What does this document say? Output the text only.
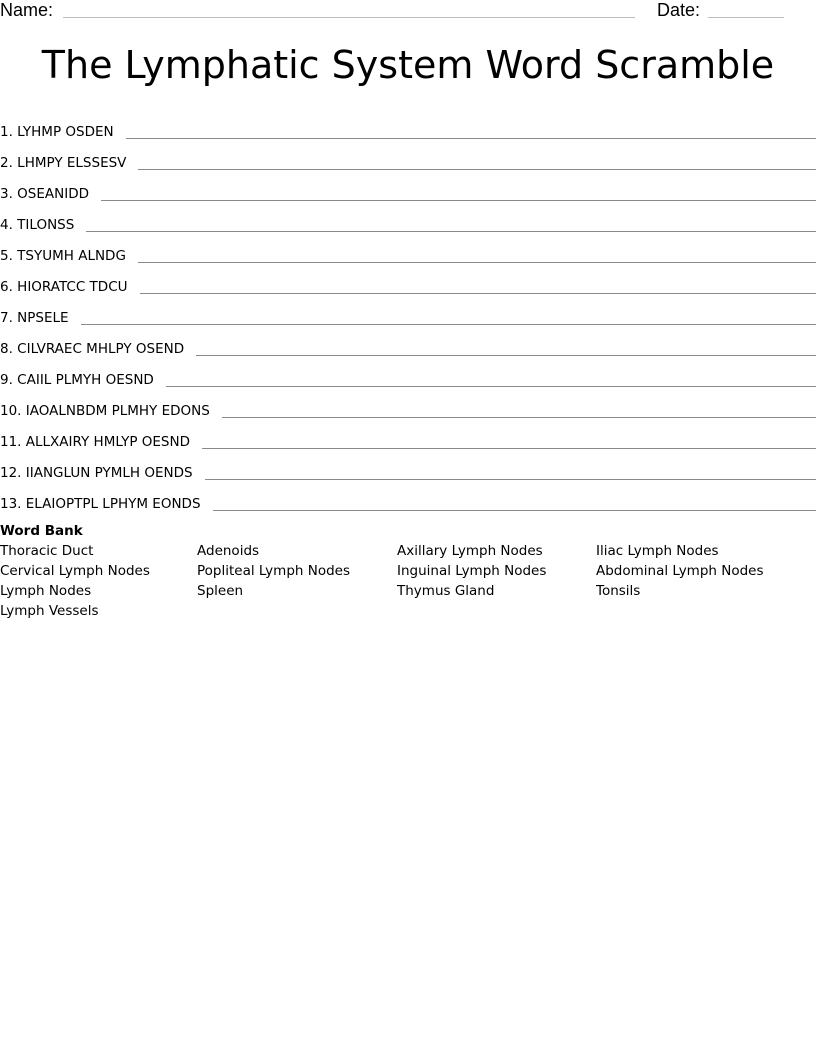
Name:	Date:
The Lymphatic System Word Scramble
1. LYHMP OSDEN
2. LHMPY ELSSESV
3. OSEANIDD
4. TILONSS
5. TSYUMH ALNDG
6. HIORATCC TDCU
7. NPSELE
8. CILVRAEC MHLPY OSEND
9. CAIIL PLMYH OESND
10. IAOALNBDM PLMHY EDONS
11. ALLXAIRY HMLYP OESND
12. IIANGLUN PYMLH OENDS
13. ELAIOPTPL LPHYM EONDS
Word Bank
Thoracic Duct	Adenoids	Axillary Lymph Nodes	Iliac Lymph Nodes
Cervical Lymph Nodes	Popliteal Lymph Nodes	Inguinal Lymph Nodes	Abdominal Lymph Nodes
Lymph Nodes	Spleen	Thymus Gland	Tonsils
Lymph Vessels
